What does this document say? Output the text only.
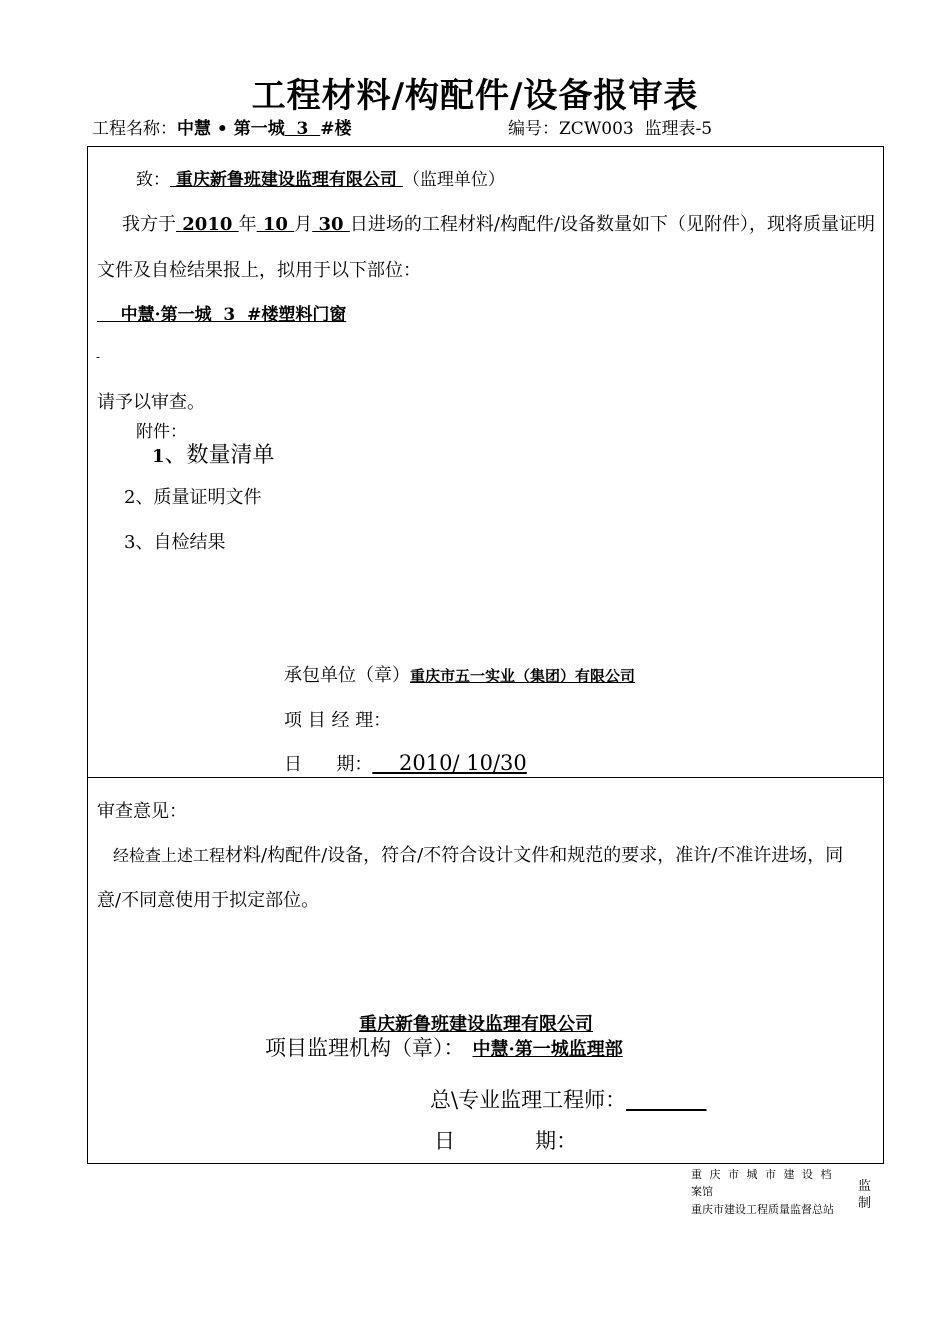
工程材料/构配件/设备报审表
工程名称：中慧 • 第一城  3  #楼	编号：ZCW003 监理表-5
致： 重庆新鲁班建设监理有限公司 （监理单位）
我方于 2010 年 10 月 30 日进场的工程材料/构配件/设备数量如下（见附件），现将质量证明
文件及自检结果报上，拟用于以下部位：
中慧·第一城  3  #楼塑料门窗
-
请予以审查。
附件：
1、数量清单
2、质量证明文件
3、自检结果
承包单位（章）重庆市五一实业（集团）有限公司
项 目 经 理：
日      期：    2010/ 10/30
审查意见：
经检查上述工程材料/构配件/设备，符合/不符合设计文件和规范的要求，准许/不准许进场，同
意/不同意使用于拟定部位。
重庆新鲁班建设监理有限公司
项目监理机构（章）： 中慧·第一城监理部
总\专业监理工程师：
日            期：
重 庆 市 城 市 建 设 档
案馆
重庆市建设工程质量监督总站
监
制
